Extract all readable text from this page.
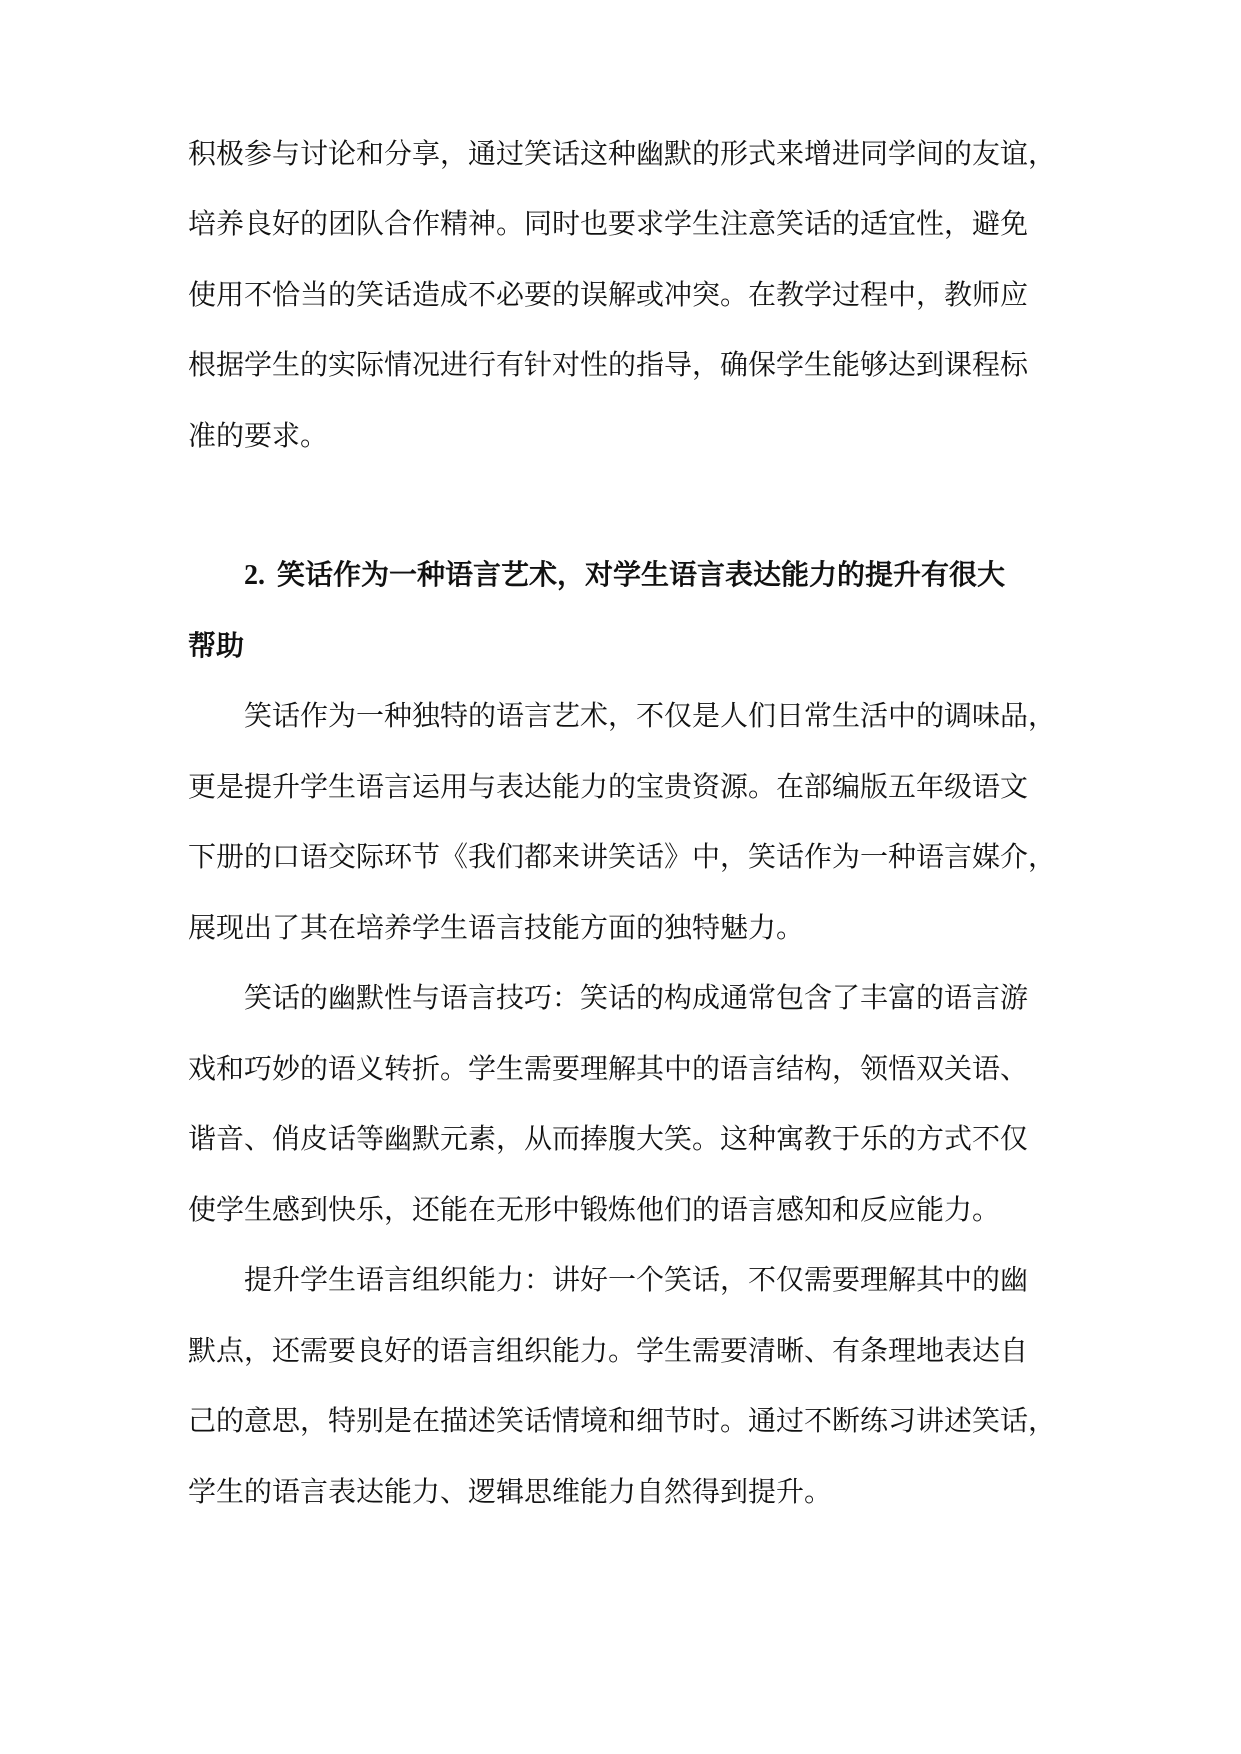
积极参与讨论和分享，通过笑话这种幽默的形式来增进同学间的友谊，
培养良好的团队合作精神。同时也要求学生注意笑话的适宜性，避免
使用不恰当的笑话造成不必要的误解或冲突。在教学过程中，教师应
根据学生的实际情况进行有针对性的指导，确保学生能够达到课程标
准的要求。
2. 笑话作为一种语言艺术，对学生语言表达能力的提升有很大
帮助
笑话作为一种独特的语言艺术，不仅是人们日常生活中的调味品，
更是提升学生语言运用与表达能力的宝贵资源。在部编版五年级语文
下册的口语交际环节《我们都来讲笑话》中，笑话作为一种语言媒介，
展现出了其在培养学生语言技能方面的独特魅力。
笑话的幽默性与语言技巧：笑话的构成通常包含了丰富的语言游
戏和巧妙的语义转折。学生需要理解其中的语言结构，领悟双关语、
谐音、俏皮话等幽默元素，从而捧腹大笑。这种寓教于乐的方式不仅
使学生感到快乐，还能在无形中锻炼他们的语言感知和反应能力。
提升学生语言组织能力：讲好一个笑话，不仅需要理解其中的幽
默点，还需要良好的语言组织能力。学生需要清晰、有条理地表达自
己的意思，特别是在描述笑话情境和细节时。通过不断练习讲述笑话，
学生的语言表达能力、逻辑思维能力自然得到提升。
